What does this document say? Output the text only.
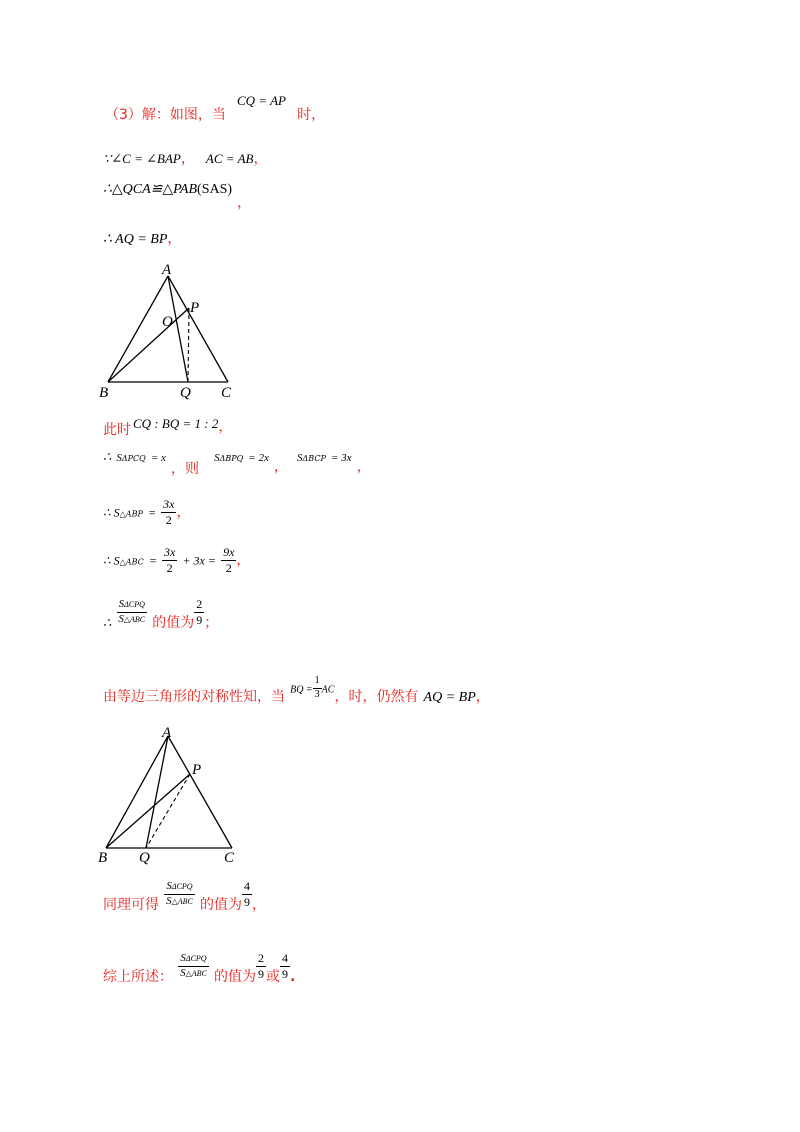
（3）解：如图，当 $^{CQ = AP}$ 时，
∵∠C = ∠BAP， AC = AB，
∴△QCA≌△PAB(SAS) ，
∴ AQ = BP，
A
B	C
O
P
Q
此时 CQ : BQ = 1 : 2，
∴ SΔPCQ = x ，则 SΔBPQ = 2x ， SΔBCP = 3x ，
∴ S△ABP = $\frac{3x}{2}$ ，
∴ S△ABC = $\frac{3x}{2} + 3x = \frac{9x}{2}$ ，
$_\therefore \frac{\text{SΔCPQ}}{\text{S△ABC}}$ 的值为 $\frac{2}{9}$ ；
由等边三角形的对称性知，当 BQ = $\frac{1}{3}$ AC，时，仍然有 AQ = BP，
A
B	C
P
Q
同理可得 $\frac{\text{SΔCPQ}}{\text{S△ABC}}$ 的值为 $\frac{4}{9}$ ，
综上所述： $\frac{\text{SΔCPQ}}{\text{S△ABC}}$ 的值为 $\frac{2}{9}$ 或 $\frac{4}{9}$ .
